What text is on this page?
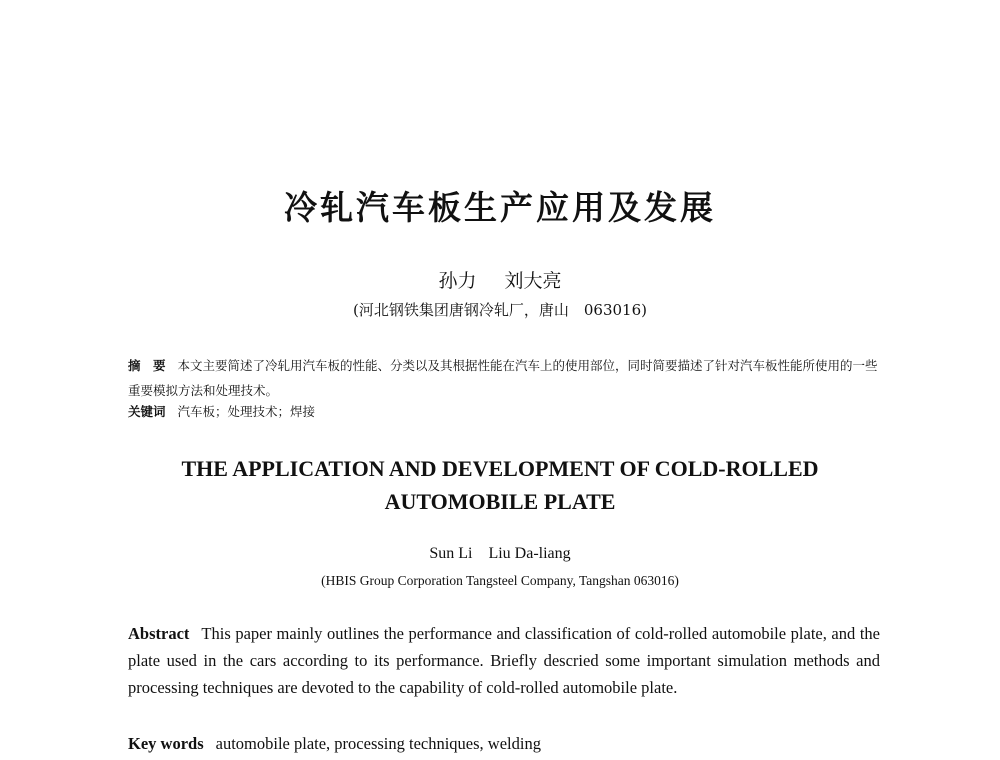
冷轧汽车板生产应用及发展
孙力 刘大亮
(河北钢铁集团唐钢冷轧厂，唐山　063016)
摘　要 本文主要简述了冷轧用汽车板的性能、分类以及其根据性能在汽车上的使用部位，同时简要描述了针对汽车板性能所使用的一些重要模拟方法和处理技术。
关键词 汽车板；处理技术；焊接
THE APPLICATION AND DEVELOPMENT OF COLD-ROLLED AUTOMOBILE PLATE
Sun Li Liu Da-liang
(HBIS Group Corporation Tangsteel Company, Tangshan 063016)
Abstract This paper mainly outlines the performance and classification of cold-rolled automobile plate, and the plate used in the cars according to its performance. Briefly descried some important simulation methods and processing techniques are devoted to the capability of cold-rolled automobile plate.
Key words automobile plate, processing techniques, welding
